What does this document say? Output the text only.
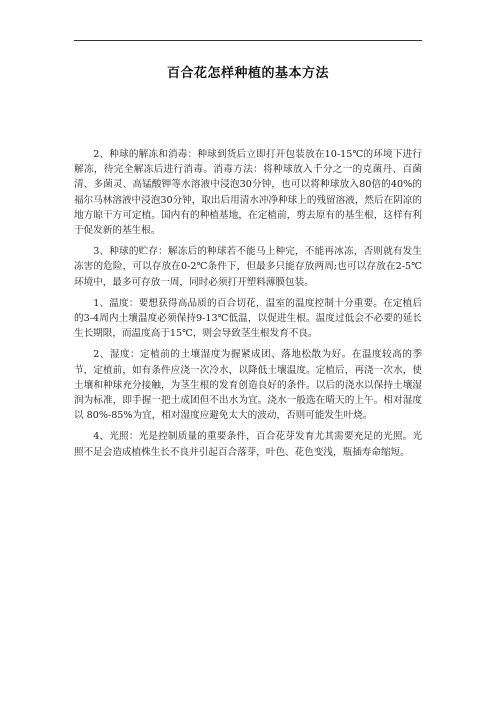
百合花怎样种植的基本方法

2、种球的解冻和消毒：种球到货后立即打开包装放在10-15℃的环境下进行解冻，待完全解冻后进行消毒。消毒方法：将种球放入千分之一的克菌丹、百菌清、多菌灵、高锰酸钾等水溶液中浸泡30分钟，也可以将种球放入80倍的40%的福尔马林溶液中浸泡30分钟，取出后用清水冲净种球上的残留溶液，然后在阴凉的地方晾干方可定植。国内有的种植基地，在定植前，剪去原有的基生根，这样有利于促发新的基生根。

3、种球的贮存：解冻后的种球若不能马上种完，不能再冰冻，否则就有发生冻害的危险，可以存放在0-2℃条件下，但最多只能存放两周;也可以存放在2-5℃环境中，最多可存放一周，同时必须打开塑料薄膜包装。

1、温度：要想获得高品质的百合切花，温室的温度控制十分重要。在定植后的3-4周内土壤温度必须保持9-13℃低温，以促进生根。温度过低会不必要的延长生长期限，而温度高于15℃，则会导致茎生根发育不良。

2、湿度：定植前的土壤湿度为握紧成团、落地松散为好。在温度较高的季节，定植前，如有条件应浇一次冷水，以降低土壤温度。定植后，再浇一次水，使土壤和种球充分接触，为茎生根的发育创造良好的条件。以后的浇水以保持土壤湿润为标准，即手握一把土成团但不出水为宜。浇水一般选在晴天的上午。相对湿度以 80%-85%为宜，相对湿度应避免太大的波动，否则可能发生叶烧。

4、光照：光是控制质量的重要条件，百合花芽发育尤其需要充足的光照。光照不足会造成植株生长不良并引起百合落芽，叶色、花色变浅，瓶插寿命缩短。
